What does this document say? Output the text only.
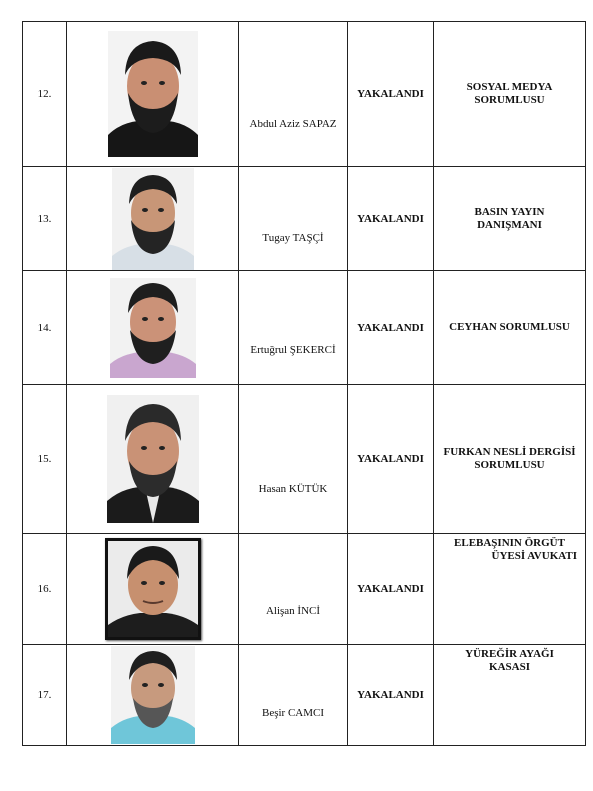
12.		Abdul Aziz SAPAZ	YAKALANDI	SOSYAL MEDYA
SORUMLUSU

13.		Tugay TAŞÇİ	YAKALANDI	BASIN YAYIN
DANIŞMANI

14.		Ertuğrul ŞEKERCİ	YAKALANDI	CEYHAN SORUMLUSU

15.		Hasan KÜTÜK	YAKALANDI	FURKAN NESLİ DERGİSİ
SORUMLUSU

16.		Alişan İNCİ	YAKALANDI	ELEBAŞININ ÖRGÜT
ÜYESİ AVUKATI

17.		Beşir CAMCI	YAKALANDI	YÜREĞİR AYAĞI
KASASI
